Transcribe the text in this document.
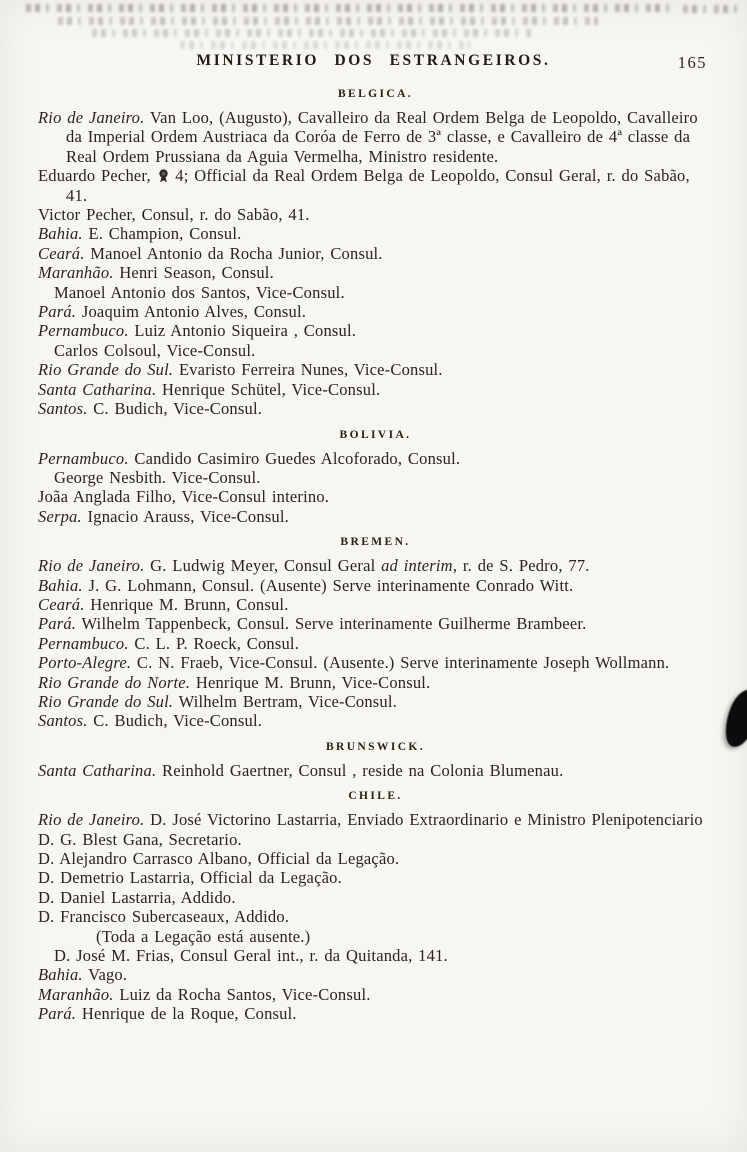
MINISTERIO DOS ESTRANGEIROS.	165
BELGICA.
Rio de Janeiro. Van Loo, (Augusto), Cavalleiro da Real Ordem Belga de Leopoldo, Cavalleiro da Imperial Ordem Austriaca da Coróa de Ferro de 3ª classe, e Cavalleiro de 4ª classe da Real Ordem Prussiana da Aguia Vermelha, Ministro residente.
Eduardo Pecher,
4; Official da Real Ordem Belga de Leopoldo, Consul Geral, r. do Sabão, 41.
Victor Pecher, Consul, r. do Sabão, 41.
Bahia. E. Champion, Consul.
Ceará. Manoel Antonio da Rocha Junior, Consul.
Maranhão. Henri Season, Consul.
Manoel Antonio dos Santos, Vice-Consul.
Pará. Joaquim Antonio Alves, Consul.
Pernambuco. Luiz Antonio Siqueira , Consul.
Carlos Colsoul, Vice-Consul.
Rio Grande do Sul. Evaristo Ferreira Nunes, Vice-Consul.
Santa Catharina. Henrique Schütel, Vice-Consul.
Santos. C. Budich, Vice-Consul.
BOLIVIA.
Pernambuco. Candido Casimiro Guedes Alcoforado, Consul.
George Nesbith. Vice-Consul.
Joãa Anglada Filho, Vice-Consul interino.
Serpa. Ignacio Arauss, Vice-Consul.
BREMEN.
Rio de Janeiro. G. Ludwig Meyer, Consul Geral ad interim, r. de S. Pedro, 77.
Bahia. J. G. Lohmann, Consul. (Ausente) Serve interinamente Conrado Witt.
Ceará. Henrique M. Brunn, Consul.
Pará. Wilhelm Tappenbeck, Consul. Serve interinamente Guilherme Brambeer.
Pernambuco. C. L. P. Roeck, Consul.
Porto-Alegre. C. N. Fraeb, Vice-Consul. (Ausente.) Serve interinamente Joseph Wollmann.
Rio Grande do Norte. Henrique M. Brunn, Vice-Consul.
Rio Grande do Sul. Wilhelm Bertram, Vice-Consul.
Santos. C. Budich, Vice-Consul.
BRUNSWICK.
Santa Catharina. Reinhold Gaertner, Consul , reside na Colonia Blumenau.
CHILE.
Rio de Janeiro. D. José Victorino Lastarria, Enviado Extraordinario e Ministro Plenipotenciario
D. G. Blest Gana, Secretario.
D. Alejandro Carrasco Albano, Official da Legação.
D. Demetrio Lastarria, Official da Legação.
D. Daniel Lastarria, Addido.
D. Francisco Subercaseaux, Addido.
(Toda a Legação está ausente.)
D. José M. Frias, Consul Geral int., r. da Quitanda, 141.
Bahia. Vago.
Maranhão. Luiz da Rocha Santos, Vice-Consul.
Pará. Henrique de la Roque, Consul.
